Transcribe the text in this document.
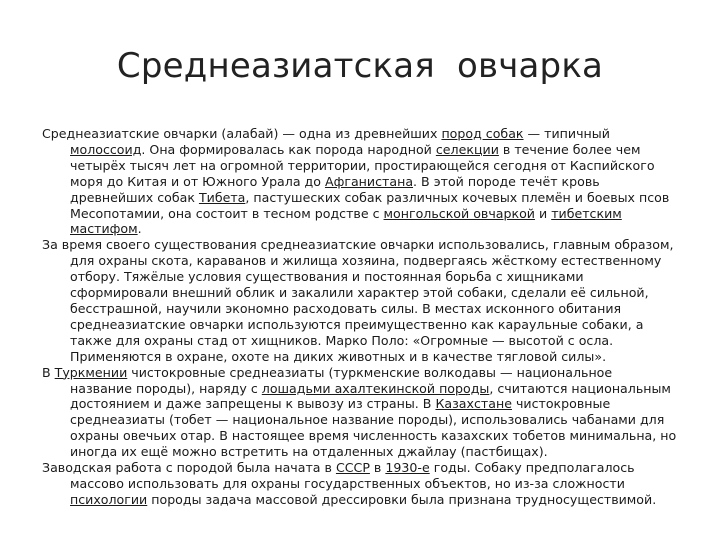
Среднеазиатская  овчарка

Среднеазиатские овчарки (алабай) — одна из древнейших пород собак — типичный молоссоид. Она формировалась как порода народной селекции в течение более чем четырёх тысяч лет на огромной территории, простирающейся сегодня от Каспийского моря до Китая и от Южного Урала до Афганистана. В этой породе течёт кровь древнейших собак Тибета, пастушеских собак различных кочевых племён и боевых псов Месопотамии, она состоит в тесном родстве с монгольской овчаркой и тибетским мастифом.

За время своего существования среднеазиатские овчарки использовались, главным образом, для охраны скота, караванов и жилища хозяина, подвергаясь жёсткому естественному отбору. Тяжёлые условия существования и постоянная борьба с хищниками сформировали внешний облик и закалили характер этой собаки, сделали её сильной, бесстрашной, научили экономно расходовать силы. В местах исконного обитания среднеазиатские овчарки используются преимущественно как караульные собаки, а также для охраны стад от хищников. Марко Поло: «Огромные — высотой с осла. Применяются в охране, охоте на диких животных и в качестве тягловой силы».

В Туркмении чистокровные среднеазиаты (туркменские волкодавы — национальное название породы), наряду с лошадьми ахалтекинской породы, считаются национальным достоянием и даже запрещены к вывозу из страны. В Казахстане чистокровные среднеазиаты (тобет — национальное название породы), использовались чабанами для охраны овечьих отар. В настоящее время численность казахских тобетов минимальна, но иногда их ещё можно встретить на отдаленных джайлау (пастбищах).

Заводская работа с породой была начата в СССР в 1930-е годы. Собаку предполагалось массово использовать для охраны государственных объектов, но из-за сложности психологии породы задача массовой дрессировки была признана трудносуществимой.
